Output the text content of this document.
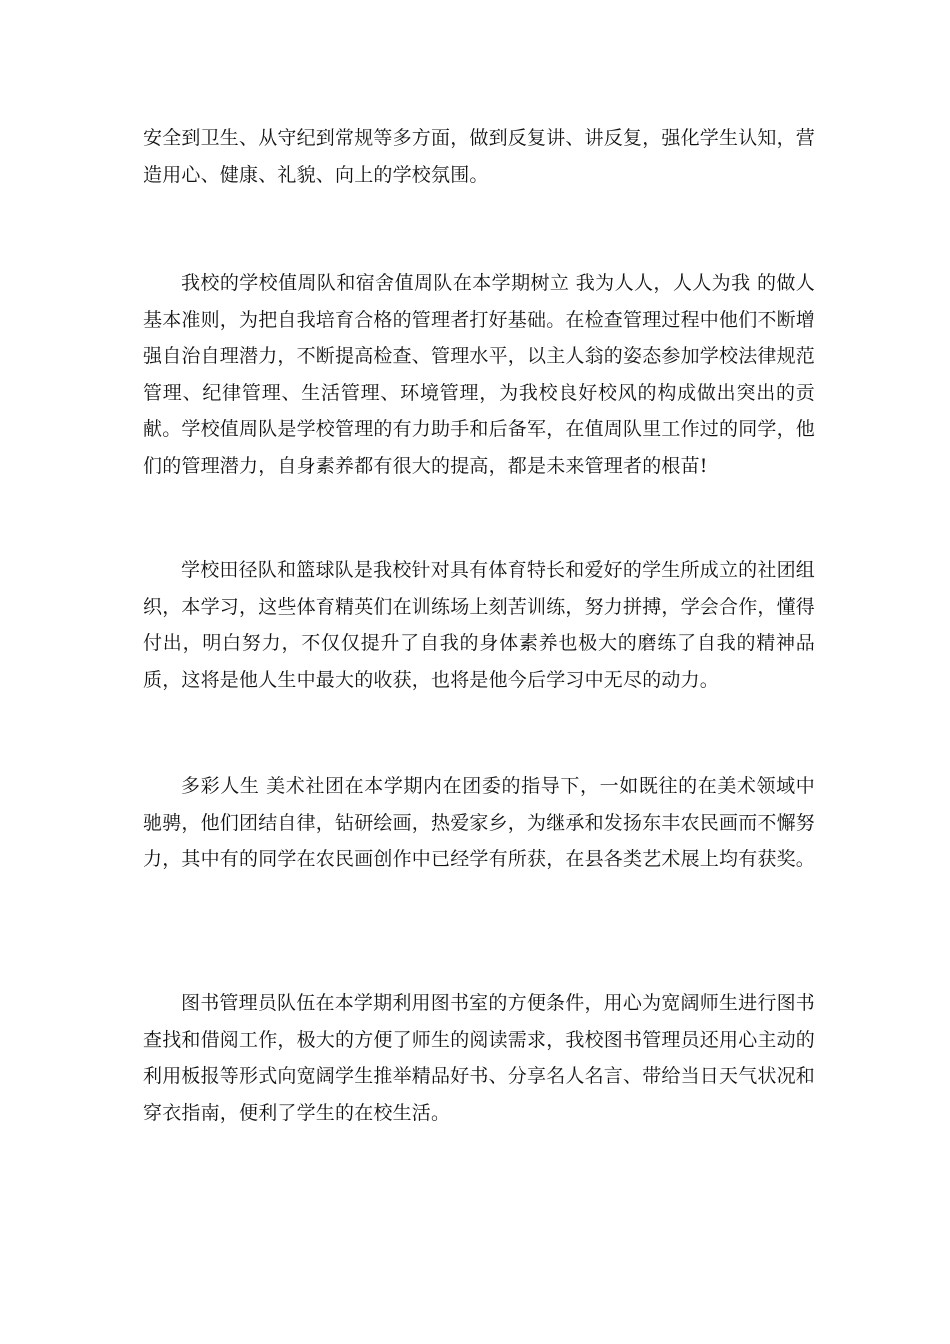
安全到卫生、从守纪到常规等多方面，做到反复讲、讲反复，强化学生认知，营造用心、健康、礼貌、向上的学校氛围。

我校的学校值周队和宿舍值周队在本学期树立 我为人人，人人为我 的做人基本准则，为把自我培育合格的管理者打好基础。在检查管理过程中他们不断增强自治自理潜力，不断提高检查、管理水平，以主人翁的姿态参加学校法律规范管理、纪律管理、生活管理、环境管理，为我校良好校风的构成做出突出的贡献。学校值周队是学校管理的有力助手和后备军，在值周队里工作过的同学，他们的管理潜力，自身素养都有很大的提高，都是未来管理者的根苗!

学校田径队和篮球队是我校针对具有体育特长和爱好的学生所成立的社团组织，本学习，这些体育精英们在训练场上刻苦训练，努力拼搏，学会合作，懂得付出，明白努力，不仅仅提升了自我的身体素养也极大的磨练了自我的精神品质，这将是他人生中最大的收获，也将是他今后学习中无尽的动力。

多彩人生 美术社团在本学期内在团委的指导下，一如既往的在美术领域中驰骋，他们团结自律，钻研绘画，热爱家乡，为继承和发扬东丰农民画而不懈努力，其中有的同学在农民画创作中已经学有所获，在县各类艺术展上均有获奖。

图书管理员队伍在本学期利用图书室的方便条件，用心为宽阔师生进行图书查找和借阅工作，极大的方便了师生的阅读需求，我校图书管理员还用心主动的利用板报等形式向宽阔学生推举精品好书、分享名人名言、带给当日天气状况和穿衣指南，便利了学生的在校生活。
